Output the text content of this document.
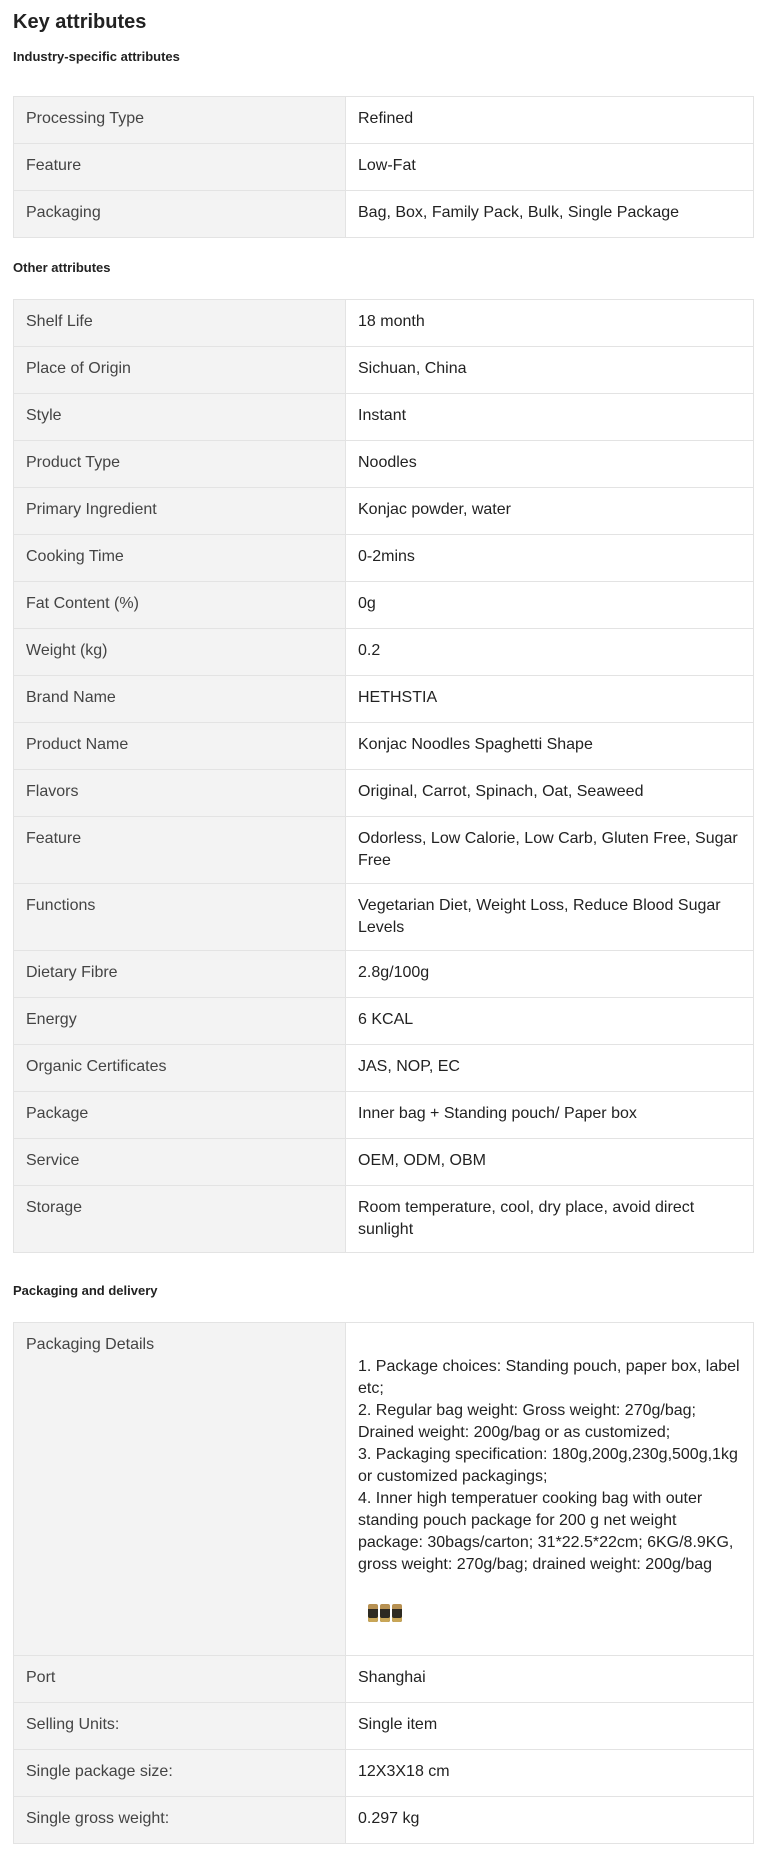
Key attributes
Industry-specific attributes
Processing Type	Refined
Feature	Low-Fat
Packaging	Bag, Box, Family Pack, Bulk, Single Package
Other attributes
Shelf Life	18 month
Place of Origin	Sichuan, China
Style	Instant
Product Type	Noodles
Primary Ingredient	Konjac powder, water
Cooking Time	0-2mins
Fat Content (%)	0g
Weight (kg)	0.2
Brand Name	HETHSTIA
Product Name	Konjac Noodles Spaghetti Shape
Flavors	Original, Carrot, Spinach, Oat, Seaweed
Feature	Odorless, Low Calorie, Low Carb, Gluten Free, Sugar Free
Functions	Vegetarian Diet, Weight Loss, Reduce Blood Sugar Levels
Dietary Fibre	2.8g/100g
Energy	6 KCAL
Organic Certificates	JAS, NOP, EC
Package	Inner bag + Standing pouch/ Paper box
Service	OEM, ODM, OBM
Storage	Room temperature, cool, dry place, avoid direct sunlight
Packaging and delivery
Packaging Details	1. Package choices: Standing pouch, paper box, label etc;
2. Regular bag weight: Gross weight: 270g/bag; Drained weight: 200g/bag or as customized;
3. Packaging specification: 180g,200g,230g,500g,1kg or customized packagings;
4. Inner high temperatuer cooking bag with outer standing pouch package for 200 g net weight package: 30bags/carton; 31*22.5*22cm; 6KG/8.9KG, gross weight: 270g/bag; drained weight: 200g/bag

Port	Shanghai
Selling Units:	Single item
Single package size:	12X3X18 cm
Single gross weight:	0.297 kg
